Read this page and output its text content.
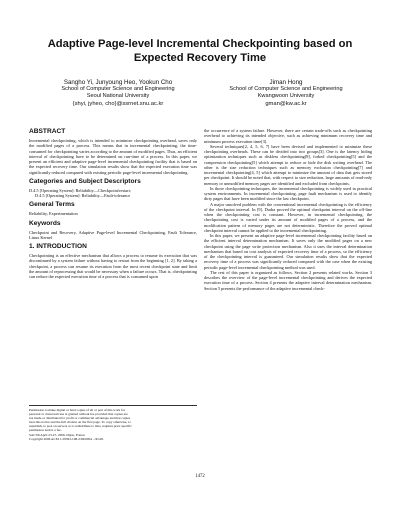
Adaptive Page-level Incremental Checkpointing based on
Expected Recovery Time
Sangho Yi, Junyoung Heo, Yookun Cho
School of Computer Science and Engineering
Seoul National University
{shyi, jyheo, cho}@ssrnet.snu.ac.kr
Jiman Hong
School of Computer Science and Engineering
Kwangwoon University
gman@kw.ac.kr
ABSTRACT

Incremental checkpointing, which is intended to minimize checkpointing overhead, saves only the modified pages of a process. This means that in incremental checkpointing, the time-consumed for checkpointing varies according to the amount of modified pages. Thus, an efficient interval of checkpointing have to be determined on run-time of a process. In this paper, we present an efficient and adaptive page-level incremental checkpointing facility that is based on the expected recovery time. Our simulation results show that the expected execution time was significantly reduced compared with existing periodic page-level incremental checkpointing.

Categories and Subject Descriptors

D.4.5 [Operating System]: Reliability—Checkpoint/restart;

D.4.5 [Operating System]: Reliability—Fault-tolerance

General Terms

Reliability, Experimentation

Keywords

Checkpoint and Recovery, Adaptive Page-level Incremental Checkpointing, Fault Tolerance, Linux Kernel

1. INTRODUCTION

Checkpointing is an effective mechanism that allows a process to resume its execution that was discontinued by a system failure without having to restart from the beginning [1, 2]. By taking a checkpoint, a process can resume its execution from the most recent checkpoint state and limit the amount of reprocessing that would be necessary when a failure occurs. That is, checkpointing can reduce the expected execution time of a process that is consumed upon

Permission to make digital or hard copies of all or part of this work for
personal or classroom use is granted without fee provided that copies are
not made or distributed for profit or commercial advantage and that copies
bear this notice and the full citation on the first page. To copy otherwise, to
republish, to post on servers or to redistribute to lists, requires prior specific
permission and/or a fee.
SAC'06 April 23-27, 2006, Dijon, France
Copyright 2006 ACM 1-59593-108-2/06/0004 ...$5.00.

the occurrence of a system failure. However, there are certain trade-offs such as checkpointing overhead to achieving its intended objective, such as achieving minimum recovery time and minimum process execution time[3].

Several techniques[2, 4, 5, 6, 7] have been devised and implemented to minimize these checkpointing overheads. These can be divided into two groups[3]. One is the latency hiding optimization techniques such as diskless checkpointing[8], forked checkpointing[5] and the compression checkpointing[5] which attempt to reduce or hide the disk writing overhead. The other is the size reduction techniques such as memory exclusion checkpointing[7] and incremental checkpointing[4, 5] which attempt to minimize the amount of data that gets stored per checkpoint. It should be noted that, with respect to size reduction, large amounts of read-only memory or unmodified memory pages are identified and excluded from checkpoints.

In those checkpointing techniques, the incremental checkpointing is widely used in practical system environments. In incremental checkpointing, page fault mechanism is used to identify dirty pages that have been modified since the last checkpoint.

A major unsolved problem with the conventional incremental checkpointing is the efficiency of the checkpoint interval. In [9], Dudra proved the optimal checkpoint interval on the off-line when the checkpointing cost is constant. However, in incremental checkpointing, the checkpointing cost is varied under its amount of modified pages of a process, and the modification pattern of memory pages are not deterministic. Therefore the proved optimal checkpoint interval cannot be applied to the incremental checkpointing.

In this paper, we present an adaptive page-level incremental checkpointing facility based on the efficient interval determination mechanism. It saves only the modified pages on a new checkpoint using the page write protection mechanism. Also it uses the interval determination mechanism that based on cost analysis of expected recovery time of a process, so the efficiency of the checkpointing interval is guaranteed. Our simulation results show that the expected recovery time of a process was significantly reduced compared with the case when the existing periodic page-level incremental checkpointing method was used.

The rest of this paper is organized as follows. Section 2 presents related works. Section 3 describes the overview of the page-level incremental checkpointing and derives the expected execution time of a process. Section 4 presents the adaptive interval determination mechanism. Section 5 presents the performance of the adaptive incremental check-

1472
